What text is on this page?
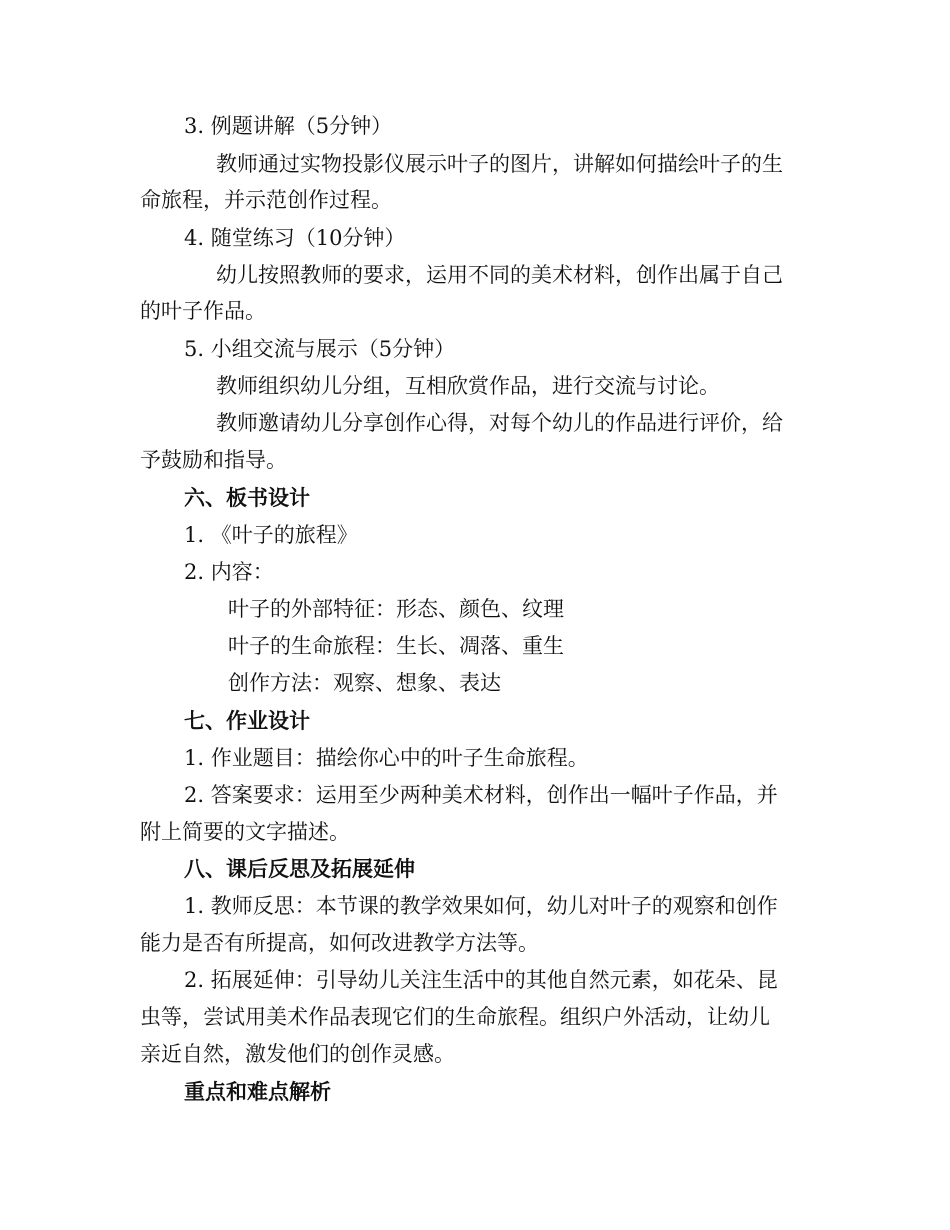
3. 例题讲解（5分钟）
教师通过实物投影仪展示叶子的图片，讲解如何描绘叶子的生
命旅程，并示范创作过程。
4. 随堂练习（10分钟）
幼儿按照教师的要求，运用不同的美术材料，创作出属于自己
的叶子作品。
5. 小组交流与展示（5分钟）
教师组织幼儿分组，互相欣赏作品，进行交流与讨论。
教师邀请幼儿分享创作心得，对每个幼儿的作品进行评价，给
予鼓励和指导。
六、板书设计
1. 《叶子的旅程》
2. 内容：
叶子的外部特征：形态、颜色、纹理
叶子的生命旅程：生长、凋落、重生
创作方法：观察、想象、表达
七、作业设计
1. 作业题目：描绘你心中的叶子生命旅程。
2. 答案要求：运用至少两种美术材料，创作出一幅叶子作品，并
附上简要的文字描述。
八、课后反思及拓展延伸
1. 教师反思：本节课的教学效果如何，幼儿对叶子的观察和创作
能力是否有所提高，如何改进教学方法等。
2. 拓展延伸：引导幼儿关注生活中的其他自然元素，如花朵、昆
虫等，尝试用美术作品表现它们的生命旅程。组织户外活动，让幼儿
亲近自然，激发他们的创作灵感。
重点和难点解析
